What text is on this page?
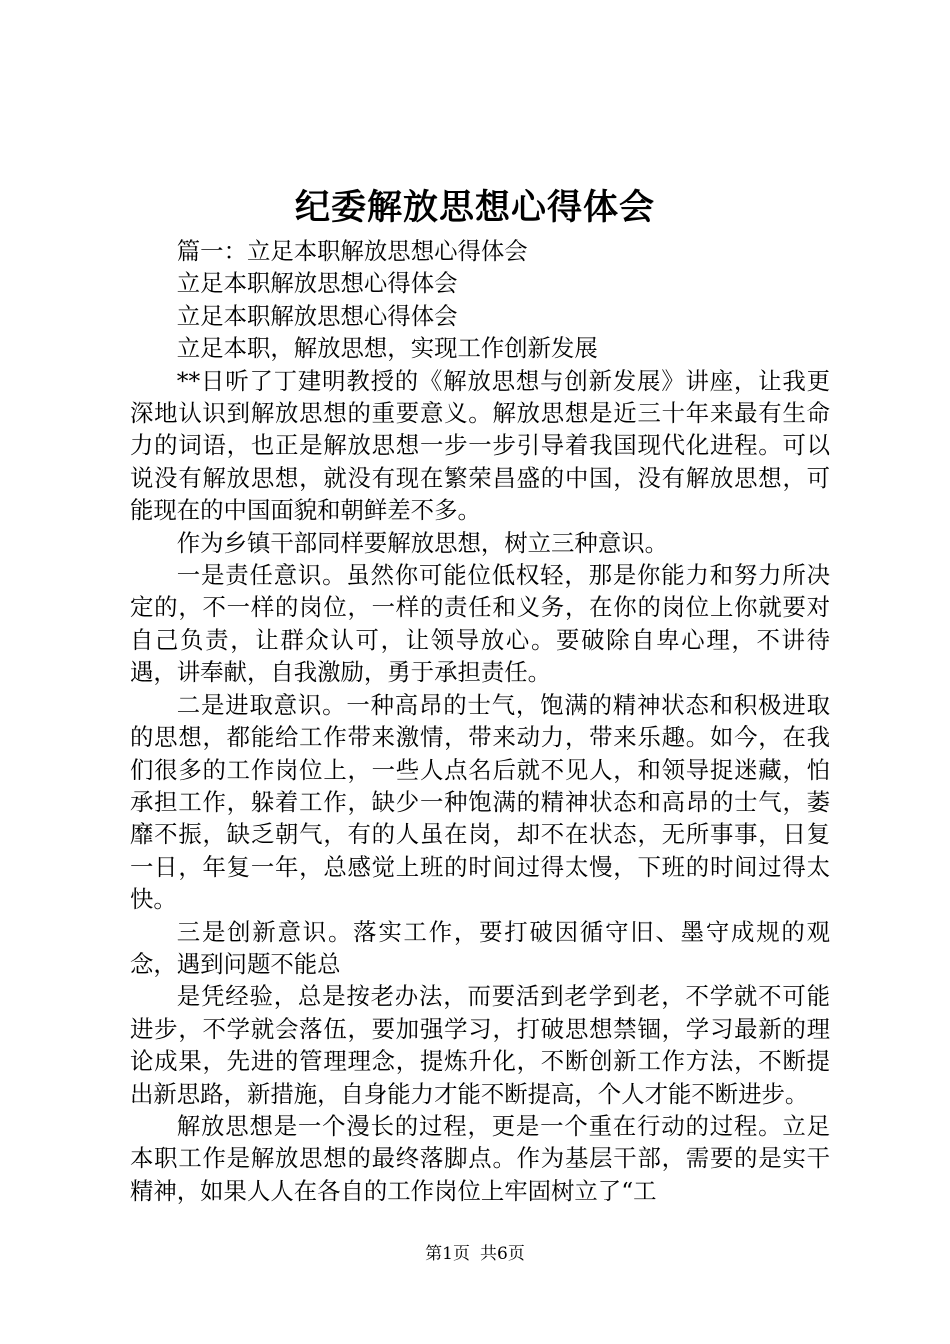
纪委解放思想心得体会

篇一：立足本职解放思想心得体会

立足本职解放思想心得体会

立足本职解放思想心得体会

立足本职，解放思想，实现工作创新发展

**日听了丁建明教授的《解放思想与创新发展》讲座，让我更深地认识到解放思想的重要意义。解放思想是近三十年来最有生命力的词语，也正是解放思想一步一步引导着我国现代化进程。可以说没有解放思想，就没有现在繁荣昌盛的中国，没有解放思想，可能现在的中国面貌和朝鲜差不多。

作为乡镇干部同样要解放思想，树立三种意识。

一是责任意识。虽然你可能位低权轻，那是你能力和努力所决定的，不一样的岗位，一样的责任和义务，在你的岗位上你就要对自己负责，让群众认可，让领导放心。要破除自卑心理，不讲待遇，讲奉献，自我激励，勇于承担责任。

二是进取意识。一种高昂的士气，饱满的精神状态和积极进取的思想，都能给工作带来激情，带来动力，带来乐趣。如今，在我们很多的工作岗位上，一些人点名后就不见人，和领导捉迷藏，怕承担工作，躲着工作，缺少一种饱满的精神状态和高昂的士气，萎靡不振，缺乏朝气，有的人虽在岗，却不在状态，无所事事，日复一日，年复一年，总感觉上班的时间过得太慢，下班的时间过得太快。

三是创新意识。落实工作，要打破因循守旧、墨守成规的观念，遇到问题不能总

是凭经验，总是按老办法，而要活到老学到老，不学就不可能进步，不学就会落伍，要加强学习，打破思想禁锢，学习最新的理论成果，先进的管理理念，提炼升化，不断创新工作方法，不断提出新思路，新措施，自身能力才能不断提高，个人才能不断进步。

解放思想是一个漫长的过程，更是一个重在行动的过程。立足本职工作是解放思想的最终落脚点。作为基层干部，需要的是实干精神，如果人人在各自的工作岗位上牢固树立了“工

第1页 共6页
